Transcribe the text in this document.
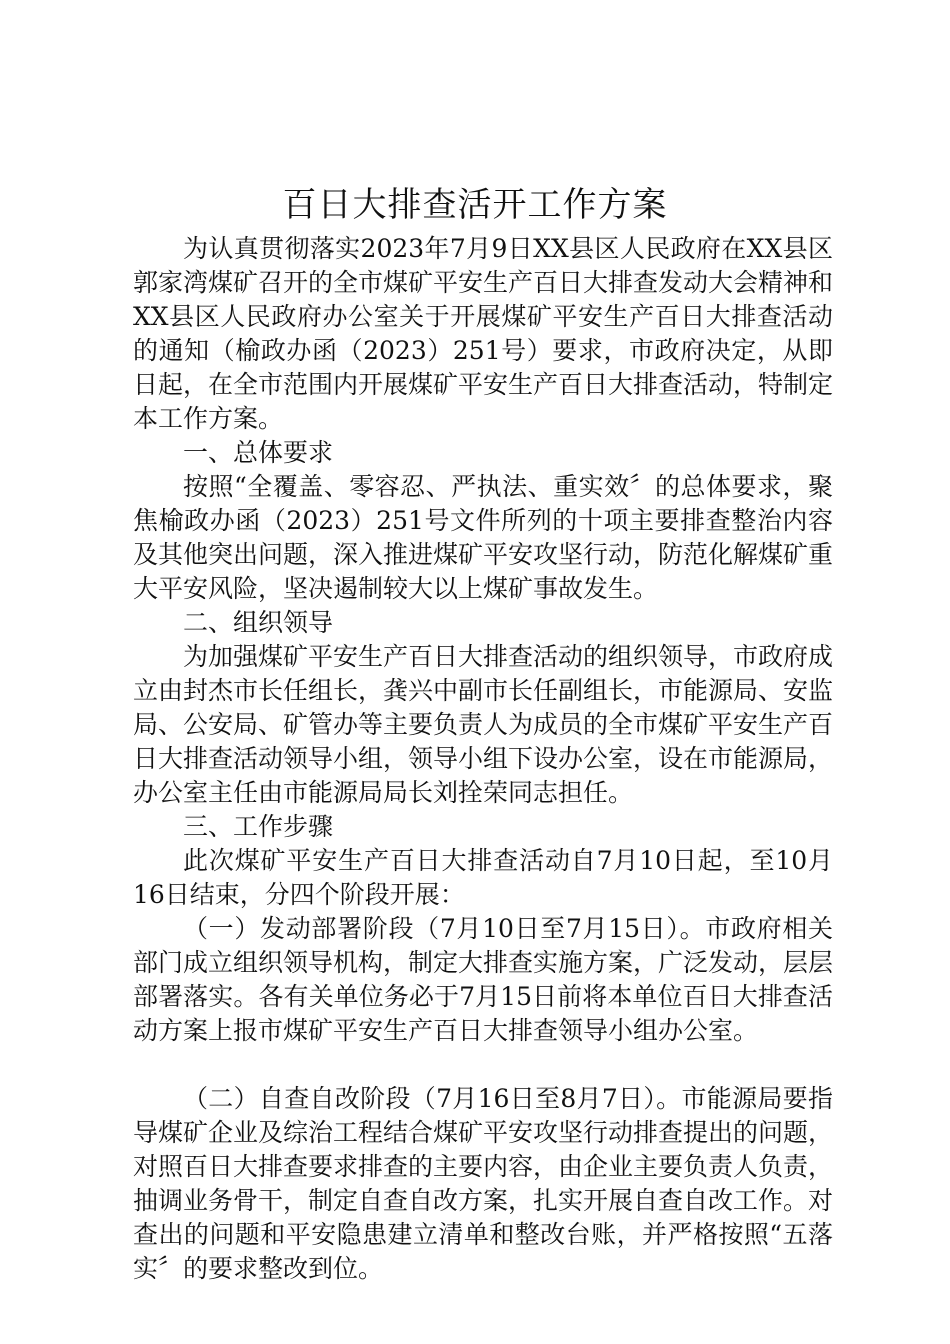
百日大排查活开工作方案

为认真贯彻落实2023年7月9日XX县区人民政府在XX县区郭家湾煤矿召开的全市煤矿平安生产百日大排查发动大会精神和XX县区人民政府办公室关于开展煤矿平安生产百日大排查活动的通知（榆政办函（2023）251号）要求，市政府决定，从即日起，在全市范围内开展煤矿平安生产百日大排查活动，特制定本工作方案。

一、总体要求

按照“全覆盖、零容忍、严执法、重实效〞的总体要求，聚焦榆政办函（2023）251号文件所列的十项主要排查整治内容及其他突出问题，深入推进煤矿平安攻坚行动，防范化解煤矿重大平安风险，坚决遏制较大以上煤矿事故发生。

二、组织领导

为加强煤矿平安生产百日大排查活动的组织领导，市政府成立由封杰市长任组长，龚兴中副市长任副组长，市能源局、安监局、公安局、矿管办等主要负责人为成员的全市煤矿平安生产百日大排查活动领导小组，领导小组下设办公室，设在市能源局，办公室主任由市能源局局长刘拴荣同志担任。

三、工作步骤

此次煤矿平安生产百日大排查活动自7月10日起，至10月16日结束，分四个阶段开展：

（一）发动部署阶段（7月10日至7月15日）。市政府相关部门成立组织领导机构，制定大排查实施方案，广泛发动，层层部署落实。各有关单位务必于7月15日前将本单位百日大排查活动方案上报市煤矿平安生产百日大排查领导小组办公室。

（二）自查自改阶段（7月16日至8月7日）。市能源局要指导煤矿企业及综治工程结合煤矿平安攻坚行动排查提出的问题，对照百日大排查要求排查的主要内容，由企业主要负责人负责，抽调业务骨干，制定自查自改方案，扎实开展自查自改工作。对查出的问题和平安隐患建立清单和整改台账，并严格按照“五落实〞的要求整改到位。
